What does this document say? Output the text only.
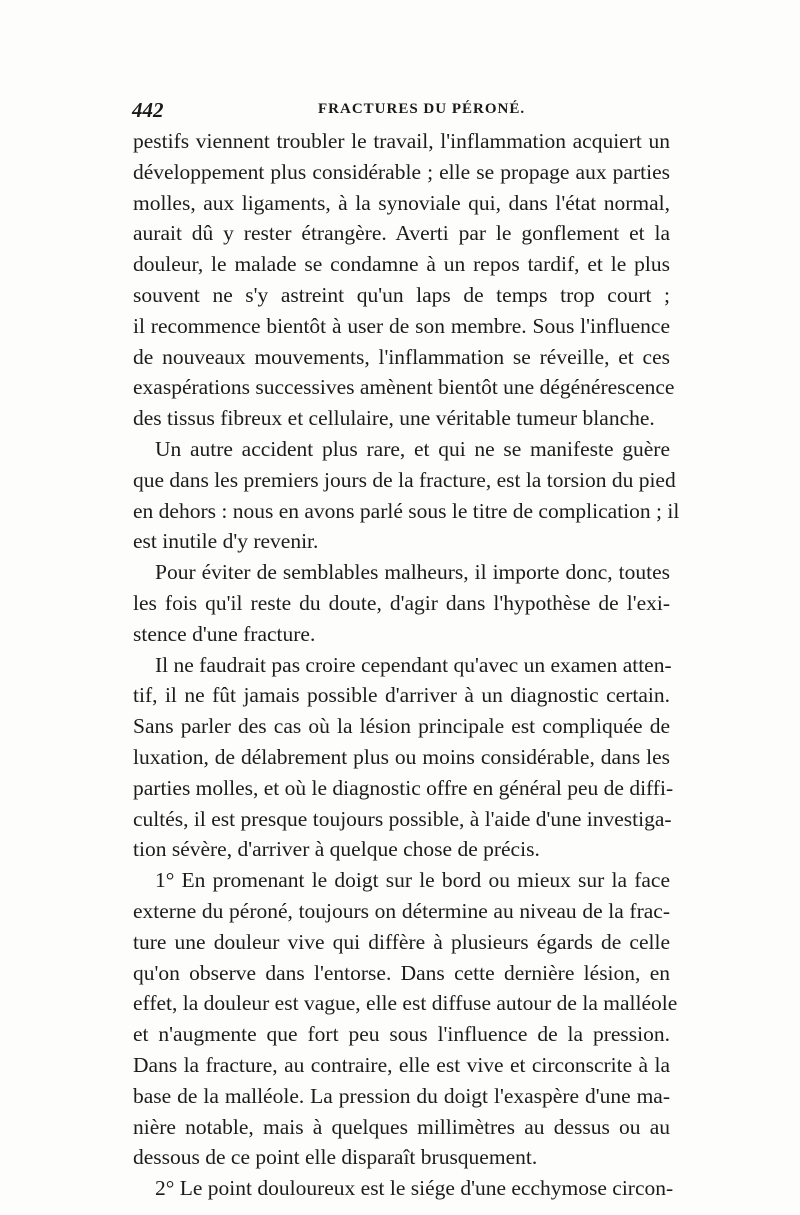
442	FRACTURES DU PÉRONÉ.
pestifs viennent troubler le travail, l'inflammation acquiert un
développement plus considérable ; elle se propage aux parties
molles, aux ligaments, à la synoviale qui, dans l'état normal,
aurait dû y rester étrangère. Averti par le gonflement et la
douleur, le malade se condamne à un repos tardif, et le plus
souvent ne s'y astreint qu'un laps de temps trop court ;
il recommence bientôt à user de son membre. Sous l'influence
de nouveaux mouvements, l'inflammation se réveille, et ces
exaspérations successives amènent bientôt une dégénérescence
des tissus fibreux et cellulaire, une véritable tumeur blanche.
Un autre accident plus rare, et qui ne se manifeste guère
que dans les premiers jours de la fracture, est la torsion du pied
en dehors : nous en avons parlé sous le titre de complication ; il
est inutile d'y revenir.
Pour éviter de semblables malheurs, il importe donc, toutes
les fois qu'il reste du doute, d'agir dans l'hypothèse de l'exi-
stence d'une fracture.
Il ne faudrait pas croire cependant qu'avec un examen atten-
tif, il ne fût jamais possible d'arriver à un diagnostic certain.
Sans parler des cas où la lésion principale est compliquée de
luxation, de délabrement plus ou moins considérable, dans les
parties molles, et où le diagnostic offre en général peu de diffi-
cultés, il est presque toujours possible, à l'aide d'une investiga-
tion sévère, d'arriver à quelque chose de précis.
1° En promenant le doigt sur le bord ou mieux sur la face
externe du péroné, toujours on détermine au niveau de la frac-
ture une douleur vive qui diffère à plusieurs égards de celle
qu'on observe dans l'entorse. Dans cette dernière lésion, en
effet, la douleur est vague, elle est diffuse autour de la malléole
et n'augmente que fort peu sous l'influence de la pression.
Dans la fracture, au contraire, elle est vive et circonscrite à la
base de la malléole. La pression du doigt l'exaspère d'une ma-
nière notable, mais à quelques millimètres au dessus ou au
dessous de ce point elle disparaît brusquement.
2° Le point douloureux est le siége d'une ecchymose circon-
